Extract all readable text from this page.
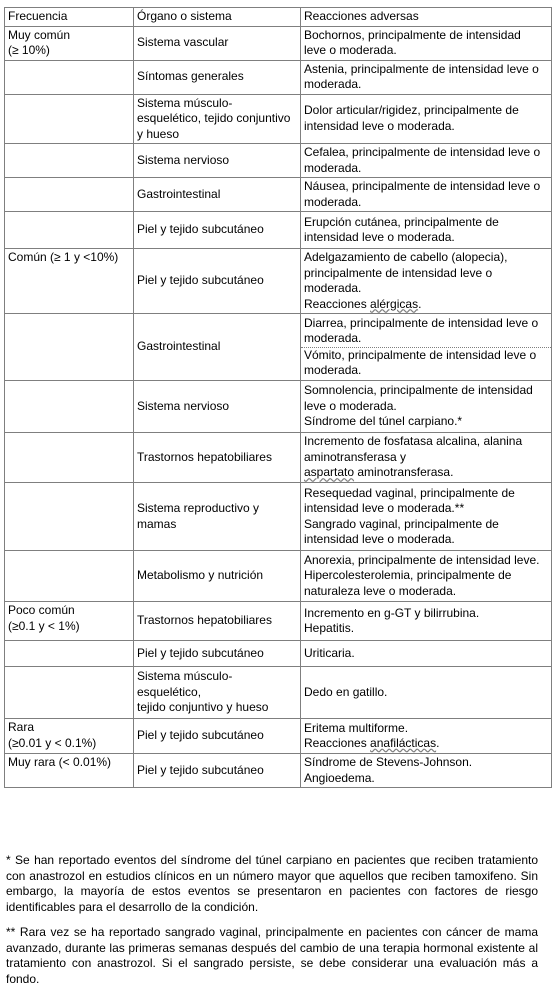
Frecuencia	Órgano o sistema	Reacciones adversas

Muy común
(≥ 10%)	Sistema vascular	Bochornos, principalmente de intensidad
leve o moderada.

	Síntomas generales	Astenia, principalmente de intensidad leve o
moderada.

	Sistema músculo-
esquelético, tejido conjuntivo
y hueso	Dolor articular/rigidez, principalmente de
intensidad leve o moderada.

	Sistema nervioso	Cefalea, principalmente de intensidad leve o
moderada.

	Gastrointestinal	Náusea, principalmente de intensidad leve o
moderada.

	Piel y tejido subcutáneo	Erupción cutánea, principalmente de
intensidad leve o moderada.

Común (≥ 1 y <10%)	Piel y tejido subcutáneo	Adelgazamiento de cabello (alopecia),
principalmente de intensidad leve o
moderada.
Reacciones alérgicas.

	Gastrointestinal	Diarrea, principalmente de intensidad leve o
moderada.
Vómito, principalmente de intensidad leve o
moderada.

	Sistema nervioso	Somnolencia, principalmente de intensidad
leve o moderada.
Síndrome del túnel carpiano.*

	Trastornos hepatobiliares	Incremento de fosfatasa alcalina, alanina
aminotransferasa y
aspartato aminotransferasa.

	Sistema reproductivo y
mamas	Resequedad vaginal, principalmente de
intensidad leve o moderada.**
Sangrado vaginal, principalmente de
intensidad leve o moderada.

	Metabolismo y nutrición	Anorexia, principalmente de intensidad leve.
Hipercolesterolemia, principalmente de
naturaleza leve o moderada.

Poco común
(≥0.1 y < 1%)	Trastornos hepatobiliares	Incremento en g-GT y bilirrubina.
Hepatitis.

	Piel y tejido subcutáneo	Uriticaria.

	Sistema músculo-
esquelético,
tejido conjuntivo y hueso	Dedo en gatillo.

Rara
(≥0.01 y < 0.1%)	Piel y tejido subcutáneo	Eritema multiforme.
Reacciones anafilácticas.

Muy rara (< 0.01%)	Piel y tejido subcutáneo	Síndrome de Stevens-Johnson.
Angioedema.
* Se han reportado eventos del síndrome del túnel carpiano en pacientes que reciben tratamiento con anastrozol en estudios clínicos en un número mayor que aquellos que reciben tamoxifeno. Sin embargo, la mayoría de estos eventos se presentaron en pacientes con factores de riesgo identificables para el desarrollo de la condición.
** Rara vez se ha reportado sangrado vaginal, principalmente en pacientes con cáncer de mama avanzado, durante las primeras semanas después del cambio de una terapia hormonal existente al tratamiento con anastrozol. Si el sangrado persiste, se debe considerar una evaluación más a fondo.
